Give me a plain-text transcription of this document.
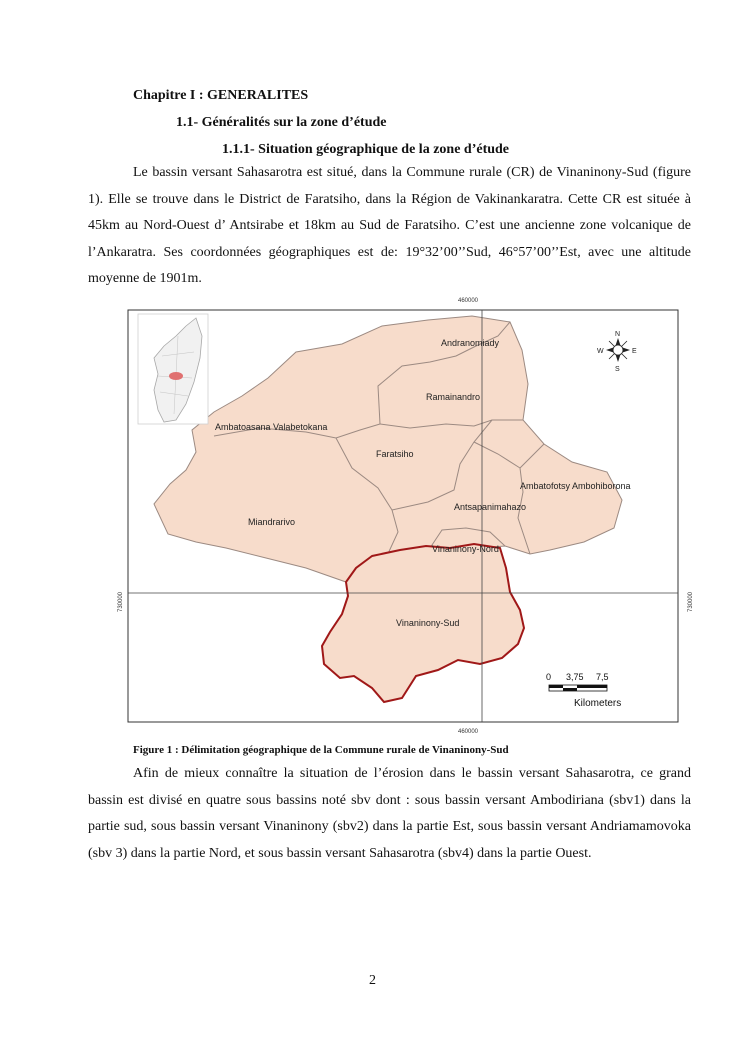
Chapitre I : GENERALITES
1.1- Généralités sur la zone d’étude
1.1.1- Situation géographique de la zone d’étude

Le bassin versant Sahasarotra est situé, dans la Commune rurale (CR) de Vinaninony-Sud (figure 1). Elle se trouve dans le District de Faratsiho, dans la Région de Vakinankaratra. Cette CR est située à 45km au Nord-Ouest d’ Antsirabe et 18km au Sud de Faratsiho. C’est une ancienne zone volcanique de l’Ankaratra. Ses coordonnées géographiques est de: 19°32’00’’Sud, 46°57’00’’Est, avec une altitude moyenne de 1901m.

460000
460000
730000	730000
N
S
E
W
Andranomiady
Ramainandro
Ambatoasana Valabetokana
Faratsiho
Ambatofotsy Ambohiborona
Antsapanimahazo
Miandrarivo
Vinaninony-Nord
Vinaninony-Sud
0 3,75 7,5
Kilometers
Figure 1 : Délimitation géographique de la Commune rurale de Vinaninony-Sud

Afin de mieux connaître la situation de l’érosion dans le bassin versant Sahasarotra, ce grand bassin est divisé en quatre sous bassins noté sbv dont : sous bassin versant Ambodiriana (sbv1) dans la partie sud, sous bassin versant Vinaninony (sbv2) dans la partie Est, sous bassin versant Andriamamovoka (sbv 3) dans la partie Nord, et sous bassin versant Sahasarotra (sbv4) dans la partie Ouest.

2
